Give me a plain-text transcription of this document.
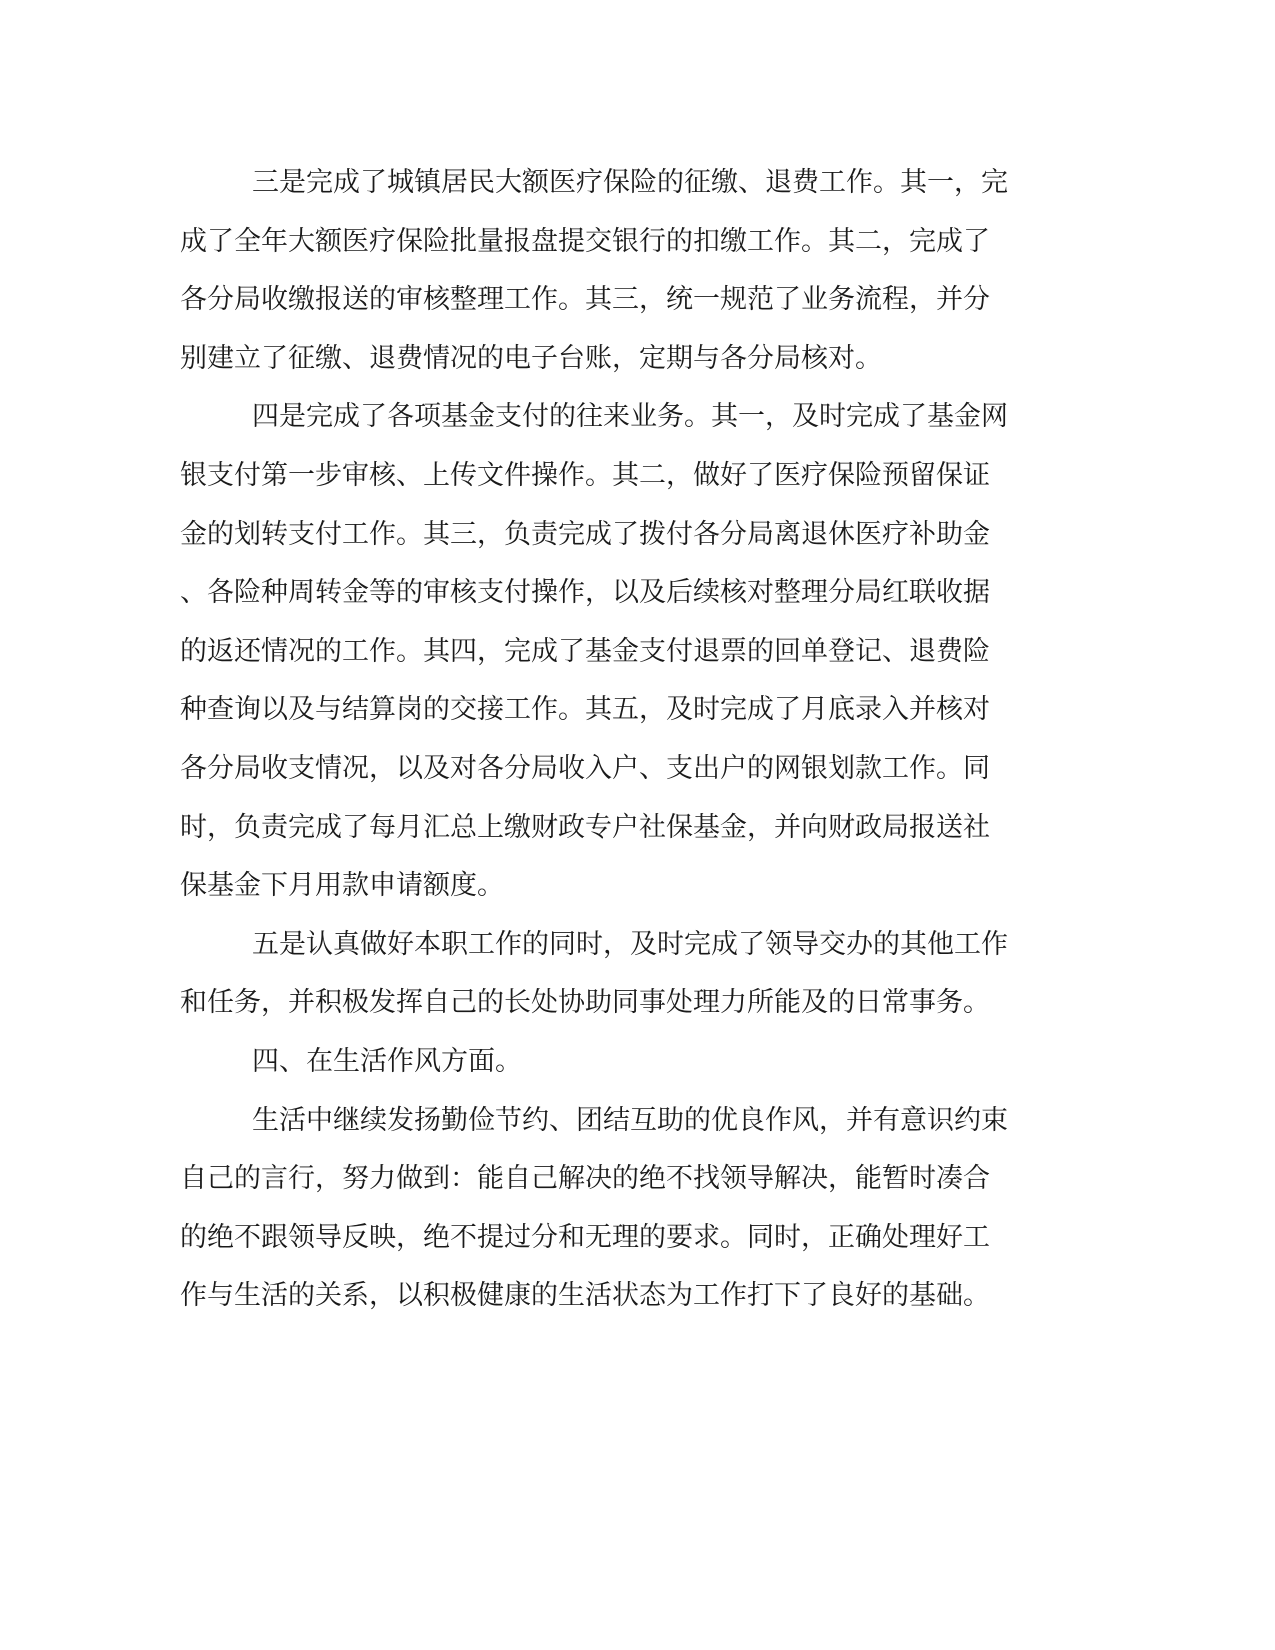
三是完成了城镇居民大额医疗保险的征缴、退费工作。其一，完

成了全年大额医疗保险批量报盘提交银行的扣缴工作。其二，完成了

各分局收缴报送的审核整理工作。其三，统一规范了业务流程，并分

别建立了征缴、退费情况的电子台账，定期与各分局核对。

四是完成了各项基金支付的往来业务。其一，及时完成了基金网

银支付第一步审核、上传文件操作。其二，做好了医疗保险预留保证

金的划转支付工作。其三，负责完成了拨付各分局离退休医疗补助金

、各险种周转金等的审核支付操作，以及后续核对整理分局红联收据

的返还情况的工作。其四，完成了基金支付退票的回单登记、退费险

种查询以及与结算岗的交接工作。其五，及时完成了月底录入并核对

各分局收支情况，以及对各分局收入户、支出户的网银划款工作。同

时，负责完成了每月汇总上缴财政专户社保基金，并向财政局报送社

保基金下月用款申请额度。

五是认真做好本职工作的同时，及时完成了领导交办的其他工作

和任务，并积极发挥自己的长处协助同事处理力所能及的日常事务。

四、在生活作风方面。

生活中继续发扬勤俭节约、团结互助的优良作风，并有意识约束

自己的言行，努力做到：能自己解决的绝不找领导解决，能暂时凑合

的绝不跟领导反映，绝不提过分和无理的要求。同时，正确处理好工

作与生活的关系，以积极健康的生活状态为工作打下了良好的基础。
